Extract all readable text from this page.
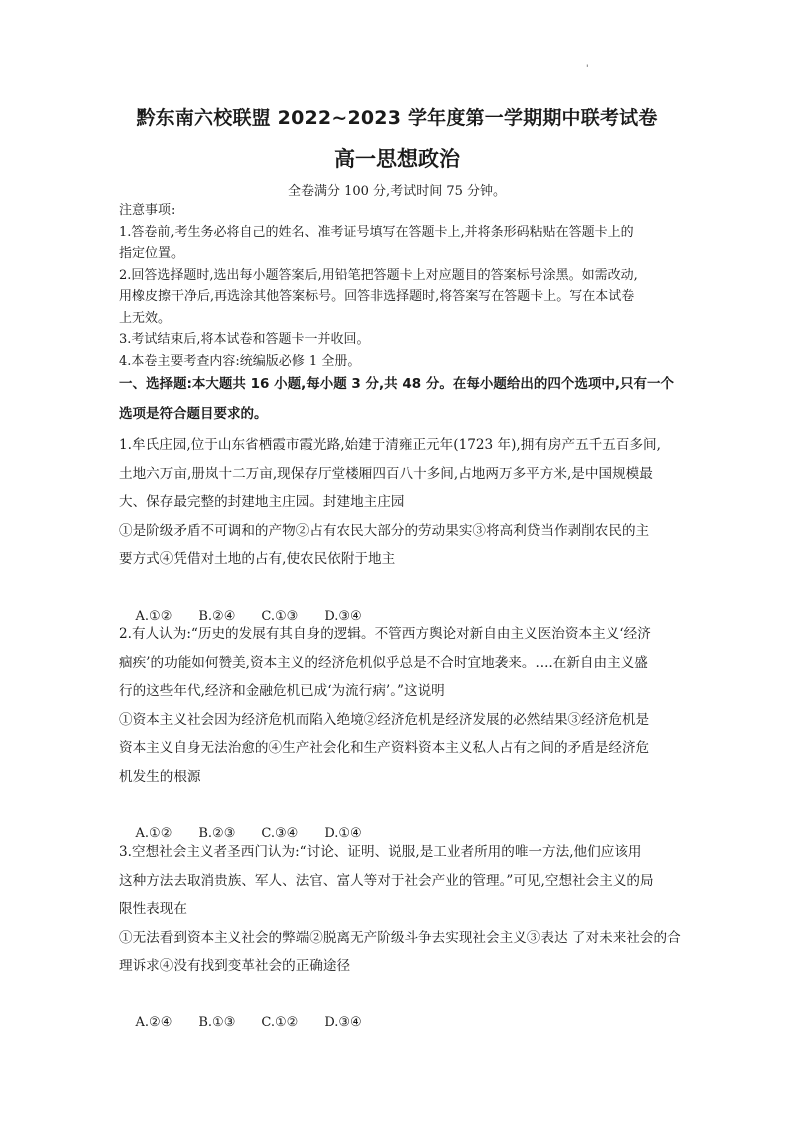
'
黔东南六校联盟 2022~2023 学年度第一学期期中联考试卷
高一思想政治
全卷满分 100 分,考试时间 75 分钟。
注意事项:
1.答卷前,考生务必将自己的姓名、准考证号填写在答题卡上,并将条形码粘贴在答题卡上的
指定位置。
2.回答选择题时,选出每小题答案后,用铅笔把答题卡上对应题目的答案标号涂黑。如需改动,
用橡皮擦干净后,再选涂其他答案标号。回答非选择题时,将答案写在答题卡上。写在本试卷
上无效。
3.考试结束后,将本试卷和答题卡一并收回。
4.本卷主要考查内容:统编版必修 1 全册。
一、选择题:本大题共 16 小题,每小题 3 分,共 48 分。在每小题给出的四个选项中,只有一个
选项是符合题目要求的。
1.牟氏庄园,位于山东省栖霞市霞光路,始建于清雍正元年(1723 年),拥有房产五千五百多间,
土地六万亩,册岚十二万亩,现保存厅堂楼厢四百八十多间,占地两万多平方米,是中国规模最
大、保存最完整的封建地主庄园。封建地主庄园
①是阶级矛盾不可调和的产物②占有农民大部分的劳动果实③将高利贷当作剥削农民的主
要方式④凭借对土地的占有,使农民依附于地主

A.①② B.②④ C.①③ D.③④

2.有人认为:“历史的发展有其自身的逻辑。不管西方舆论对新自由主义医治资本主义‘经济
痼疾’的功能如何赞美,资本主义的经济危机似乎总是不合时宜地袭来。....在新自由主义盛
行的这些年代,经济和金融危机已成‘为流行病’。”这说明
①资本主义社会因为经济危机而陷入绝境②经济危机是经济发展的必然结果③经济危机是
资本主义自身无法治愈的④生产社会化和生产资料资本主义私人占有之间的矛盾是经济危
机发生的根源

A.①② B.②③ C.③④ D.①④

3.空想社会主义者圣西门认为:“讨论、证明、说服,是工业者所用的唯一方法,他们应该用
这种方法去取消贵族、军人、法官、富人等对于社会产业的管理。”可见,空想社会主义的局
限性表现在
①无法看到资本主义社会的弊端②脱离无产阶级斗争去实现社会主义③表达 了对未来社会的合
理诉求④没有找到变革社会的正确途径

A.②④ B.①③ C.①② D.③④
